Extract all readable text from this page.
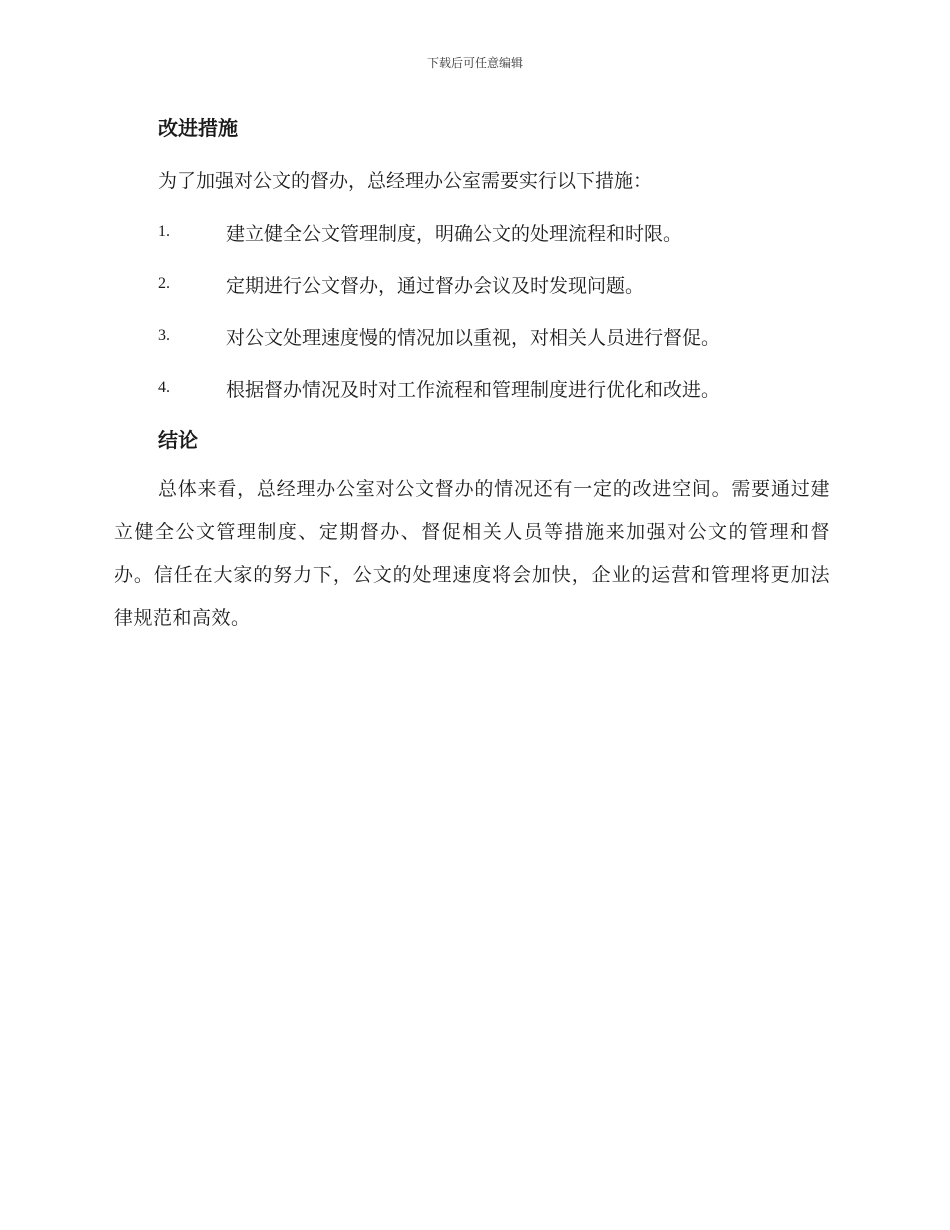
下载后可任意编辑
改进措施

为了加强对公文的督办，总经理办公室需要实行以下措施：

1.	建立健全公文管理制度，明确公文的处理流程和时限。
2.	定期进行公文督办，通过督办会议及时发现问题。
3.	对公文处理速度慢的情况加以重视，对相关人员进行督促。
4.	根据督办情况及时对工作流程和管理制度进行优化和改进。
结论

总体来看，总经理办公室对公文督办的情况还有一定的改进空间。需要通过建立健全公文管理制度、定期督办、督促相关人员等措施来加强对公文的管理和督办。信任在大家的努力下，公文的处理速度将会加快，企业的运营和管理将更加法律规范和高效。
